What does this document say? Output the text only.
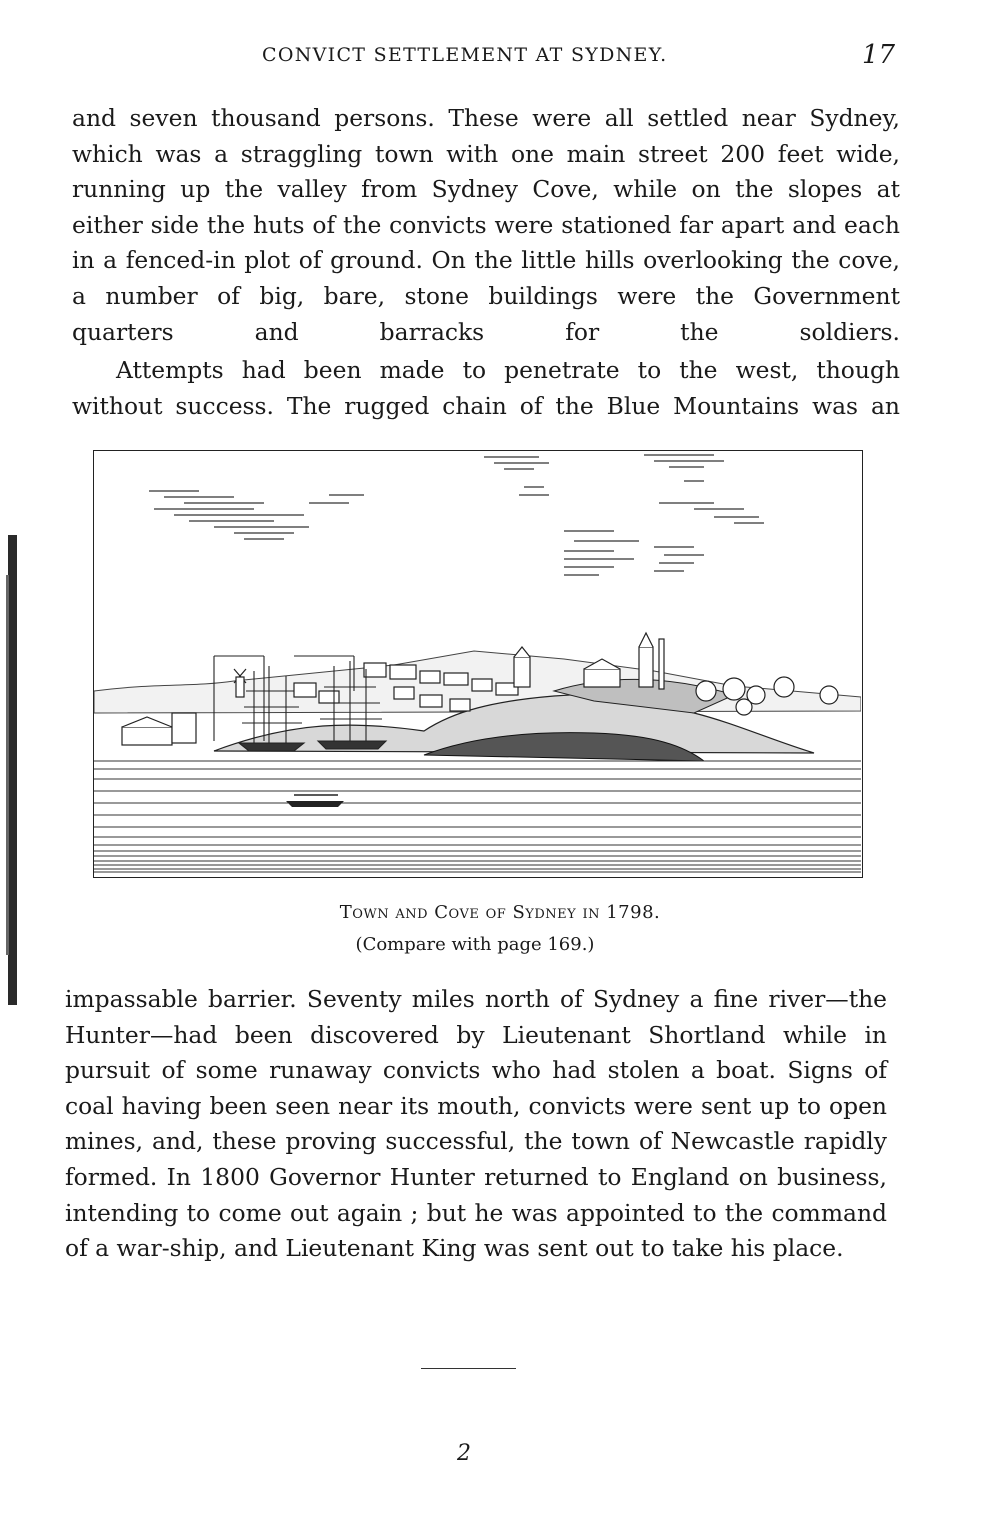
CONVICT SETTLEMENT AT SYDNEY.	17

and seven thousand persons. These were all settled near Sydney, which was a straggling town with one main street 200 feet wide, running up the valley from Sydney Cove, while on the slopes at either side the huts of the convicts were stationed far apart and each in a fenced-in plot of ground. On the little hills overlooking the cove, a number of big, bare, stone buildings were the Government quarters and barracks for the soldiers.

Attempts had been made to penetrate to the west, though without success. The rugged chain of the Blue Mountains was an

Town and Cove of Sydney in 1798.
(Compare with page 169.)

impassable barrier. Seventy miles north of Sydney a fine river—the Hunter—had been discovered by Lieutenant Shortland while in pursuit of some runaway convicts who had stolen a boat. Signs of coal having been seen near its mouth, convicts were sent up to open mines, and, these proving successful, the town of Newcastle rapidly formed. In 1800 Governor Hunter returned to England on business, intending to come out again ; but he was appointed to the command of a war-ship, and Lieutenant King was sent out to take his place.

2
